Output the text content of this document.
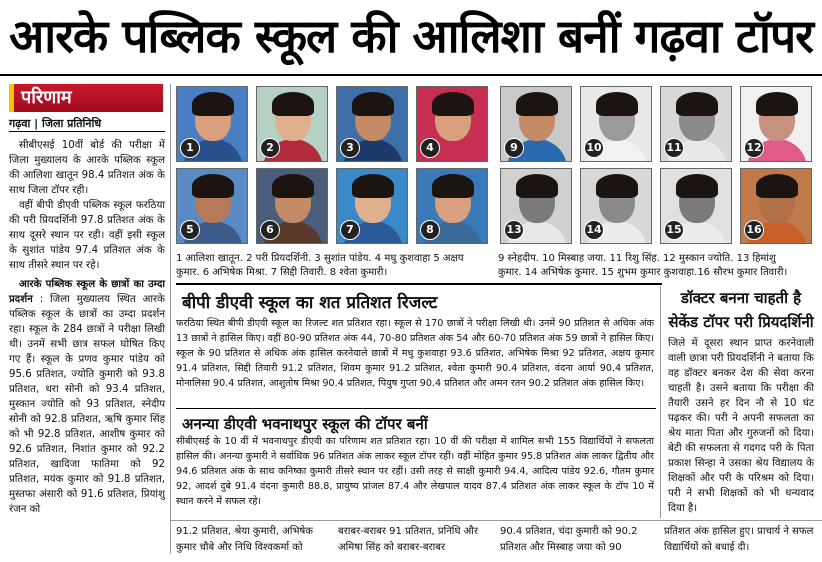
आरके पब्लिक स्कूल की आलिशा बनीं गढ़वा टॉपर
परिणाम
गढ़वा | जिला प्रतिनिधि

सीबीएसई 10वीं बोर्ड की परीक्षा में जिला मुख्यालय के आरके पब्लिक स्कूल की आलिशा खातून 98.4 प्रतिशत अंक के साथ जिला टॉपर रही।

वहीं बीपी डीएवी पब्लिक स्कूल फरठिया की परी प्रियदर्शिनी 97.8 प्रतिशत अंक के साथ दूसरे स्थान पर रही। वहीं इसी स्कूल के सुशांत पांडेय 97.4 प्रतिशत अंक के साथ तीसरे स्थान पर रहे।

आरके पब्लिक स्कूल के छात्रों का उम्दा प्रदर्शन : जिला मुख्यालय स्थित आरके पब्लिक स्कूल के छात्रों का उम्दा प्रदर्शन रहा। स्कूल के 284 छात्रों ने परीक्षा लिखी थी। उनमें सभी छात्र सफल घोषित किए गए हैं। स्कूल के प्रणव कुमार पांडेय को 95.6 प्रतिशत, ज्योति कुमारी को 93.8 प्रतिशत, धरा सोनी को 93.4 प्रतिशत, मुस्कान ज्योति को 93 प्रतिशत, स्नेदीप सोनी को 92.8 प्रतिशत, ऋषि कुमार सिंह को भी 92.8 प्रतिशत, आशीष कुमार को 92.6 प्रतिशत, निशांत कुमार को 92.2 प्रतिशत, खादिजा फातिमा को 92 प्रतिशत, मयंक कुमार को 91.8 प्रतिशत, मुस्तफा अंसारी को 91.6 प्रतिशत, प्रियांशु रंजन को

1	2	3	4
5	6	7	8
1 आलिशा खातून. 2 परी प्रियदर्शिनी. 3 सुशांत पांडेय. 4 मधु कुशवाहा 5 अक्षय
कुमार. 6 अभिषेक मिश्रा. 7 सिद्दी तिवारी. 8 श्वेता कुमारी।
9	10	11	12
13	14	15	16
9 स्नेहदीप. 10 मिस्बाह जया. 11 रिशु सिंह. 12 मुस्कान ज्योति. 13 हिमांशु
कुमार. 14 अभिषेक कुमार. 15 शुभम कुमार कुशवाहा.16 सौरभ कुमार तिवारी।
बीपी डीएवी स्कूल का शत प्रतिशत रिजल्ट
फरठिया स्थित बीपी डीएवी स्कूल का रिजल्ट शत प्रतिशत रहा। स्कूल से 170 छात्रों ने परीक्षा लिखी थी। उनमें 90 प्रतिशत से अधिक अंक 13 छात्रों ने हासिल किए। वहीं 80-90 प्रतिशत अंक 44, 70-80 प्रतिशत अंक 54 और 60-70 प्रतिशत अंक 59 छात्रों ने हासिल किए। स्कूल के 90 प्रतिशत से अधिक अंक हासिल करनेवाले छात्रों में मधु कुशवाहा 93.6 प्रतिशत, अभिषेक मिश्रा 92 प्रतिशत, अक्षय कुमार 91.4 प्रतिशत, सिद्दी तिवारी 91.2 प्रतिशत, शिवम कुमार 91.2 प्रतिशत, श्वेता कुमारी 90.4 प्रतिशत, वंदना आर्या 90.4 प्रतिशत, मोनालिसा 90.4 प्रतिशत, आशुतोष मिश्रा 90.4 प्रतिशत, पियुष गुप्ता 90.4 प्रतिशत और अमन रतन 90.2 प्रतिशत अंक हासिल किए।
अनन्या डीएवी भवनाथपुर स्कूल की टॉपर बनीं
सीबीएसई के 10 वीं में भवनाथपुर डीएवी का परिणाम शत प्रतिशत रहा। 10 वीं की परीक्षा में शामिल सभी 155 विद्यार्थियों ने सफलता हासिल की। अनन्या कुमारी ने सर्वाधिक 96 प्रतिशत अंक लाकर स्कूल टॉपर रहीं। वहीं मोहित कुमार 95.8 प्रतिशत अंक लाकर द्वितीय और 94.6 प्रतिशत अंक के साथ कनिष्का कुमारी तीसरे स्थान पर रहीं। उसी तरह से साक्षी कुमारी 94.4, आदित्य पांडेय 92.6, गौतम कुमार 92, आदर्श दुबे 91.4 वंदना कुमारी 88.8, प्रायुष्य प्रांजल 87.4 और लेखपाल यादव 87.4 प्रतिशत अंक लाकर स्कूल के टॉप 10 में स्थान करने में सफल रहे।
डॉक्टर बनना चाहती है
सेकेंड टॉपर परी प्रियदर्शिनी
जिले में दूसरा स्थान प्राप्त करनेवाली वाली छात्रा परी प्रियदर्शिनी ने बताया कि वह डॉक्टर बनकर देश की सेवा करना चाहती है। उसने बताया कि परीक्षा की तैयारी उसने हर दिन नौ से 10 घंट पढ़कर की। परी ने अपनी सफलता का श्रेय माता पिता और गुरुजनों को दिया। बेटी की सफलता से गदगद परी के पिता प्रकाश सिन्हा ने उसका श्रेय विद्यालय के शिक्षकों और परी के परिश्रम को दिया। परी ने सभी शिक्षकों को भी धन्यवाद दिया है।
91.2 प्रतिशत, श्रेया कुमारी, अभिषेक कुमार चौबे और निधि विश्वकर्मा को
बराबर-बराबर 91 प्रतिशत, प्रनिधि और अमिषा सिंह को बराबर-बराबर
90.4 प्रतिशत, चंदा कुमारी को 90.2 प्रतिशत और मिस्बाह जया को 90
प्रतिशत अंक हासिल हुए। प्राचार्य ने सफल विद्यार्थियों को बधाई दी।
